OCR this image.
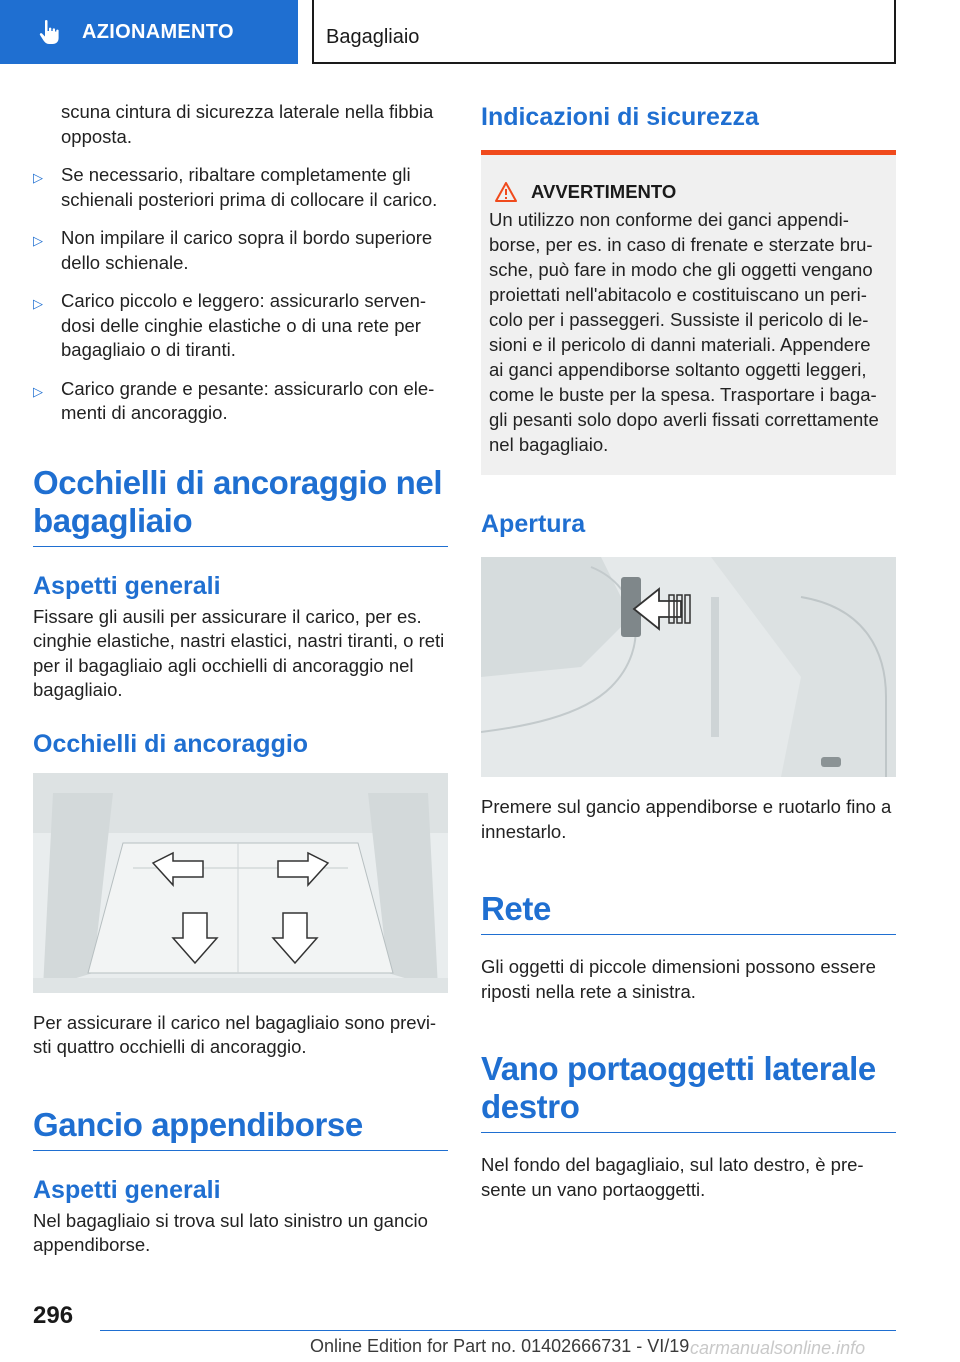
AZIONAMENTO	Bagagliaio

scuna cintura di sicurezza laterale nella fibbia opposta.

▷ Se necessario, ribaltare completamente gli schienali posteriori prima di collocare il carico.
▷ Non impilare il carico sopra il bordo superiore dello schienale.
▷ Carico piccolo e leggero: assicurarlo serven-dosi delle cinghie elastiche o di una rete per bagagliaio o di tiranti.
▷ Carico grande e pesante: assicurarlo con ele-menti di ancoraggio.
Occhielli di ancoraggio nel bagagliaio
Aspetti generali

Fissare gli ausili per assicurare il carico, per es. cinghie elastiche, nastri elastici, nastri tiranti, o reti per il bagagliaio agli occhielli di ancoraggio nel bagagliaio.

Occhielli di ancoraggio

Per assicurare il carico nel bagagliaio sono previ-sti quattro occhielli di ancoraggio.

Gancio appendiborse
Aspetti generali

Nel bagagliaio si trova sul lato sinistro un gancio appendiborse.

Indicazioni di sicurezza
AVVERTIMENTO

Un utilizzo non conforme dei ganci appendi-borse, per es. in caso di frenate e sterzate bru-sche, può fare in modo che gli oggetti vengano proiettati nell'abitacolo e costituiscano un peri-colo per i passeggeri. Sussiste il pericolo di le-sioni e il pericolo di danni materiali. Appendere ai ganci appendiborse soltanto oggetti leggeri, come le buste per la spesa. Trasportare i baga-gli pesanti solo dopo averli fissati correttamente nel bagagliaio.

Apertura

Premere sul gancio appendiborse e ruotarlo fino a innestarlo.

Rete

Gli oggetti di piccole dimensioni possono essere riposti nella rete a sinistra.

Vano portaoggetti laterale destro

Nel fondo del bagagliaio, sul lato destro, è pre-sente un vano portaoggetti.

296
Online Edition for Part no. 01402666731 - VI/19 carmanualsonline.info
